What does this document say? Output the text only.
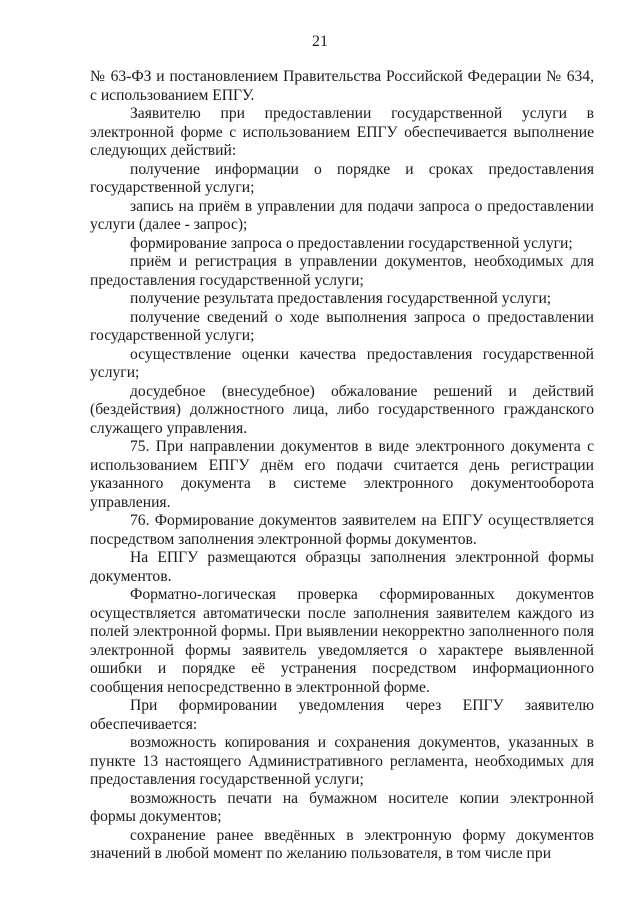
21

№ 63-ФЗ и постановлением Правительства Российской Федерации № 634, с использованием ЕПГУ.

Заявителю при предоставлении государственной услуги в электронной форме с использованием ЕПГУ обеспечивается выполнение следующих действий:

получение информации о порядке и сроках предоставления государственной услуги;

запись на приём в управлении для подачи запроса о предоставлении услуги (далее - запрос);

формирование запроса о предоставлении государственной услуги;

приём и регистрация в управлении документов, необходимых для предоставления государственной услуги;

получение результата предоставления государственной услуги;

получение сведений о ходе выполнения запроса о предоставлении государственной услуги;

осуществление оценки качества предоставления государственной услуги;

досудебное (внесудебное) обжалование решений и действий (бездействия) должностного лица, либо государственного гражданского служащего управления.

75. При направлении документов в виде электронного документа с использованием ЕПГУ днём его подачи считается день регистрации указанного документа в системе электронного документооборота управления.

76. Формирование документов заявителем на ЕПГУ осуществляется посредством заполнения электронной формы документов.

На ЕПГУ размещаются образцы заполнения электронной формы документов.

Форматно-логическая проверка сформированных документов осуществляется автоматически после заполнения заявителем каждого из полей электронной формы. При выявлении некорректно заполненного поля электронной формы заявитель уведомляется о характере выявленной ошибки и порядке её устранения посредством информационного сообщения непосредственно в электронной форме.

При формировании уведомления через ЕПГУ заявителю обеспечивается:

возможность копирования и сохранения документов, указанных в пункте 13 настоящего Административного регламента, необходимых для предоставления государственной услуги;

возможность печати на бумажном носителе копии электронной формы документов;

сохранение ранее введённых в электронную форму документов значений в любой момент по желанию пользователя, в том числе при
